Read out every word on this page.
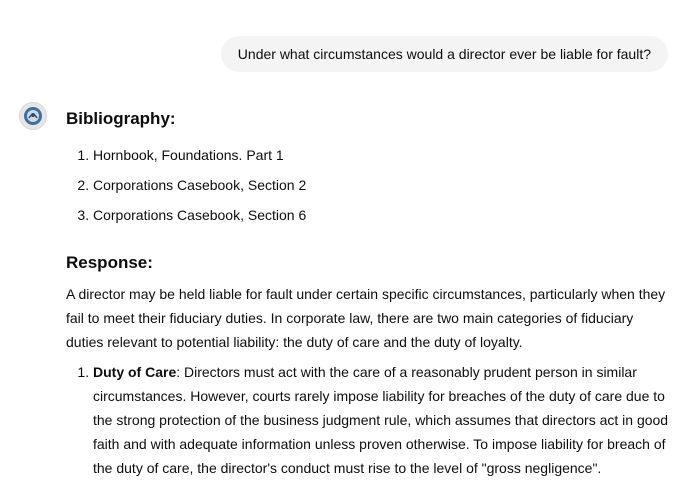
Under what circumstances would a director ever be liable for fault?
Bibliography:
1. Hornbook, Foundations. Part 1
2. Corporations Casebook, Section 2
3. Corporations Casebook, Section 6
Response:

A director may be held liable for fault under certain specific circumstances, particularly when they fail to meet their fiduciary duties. In corporate law, there are two main categories of fiduciary duties relevant to potential liability: the duty of care and the duty of loyalty.

1. Duty of Care: Directors must act with the care of a reasonably prudent person in similar circumstances. However, courts rarely impose liability for breaches of the duty of care due to the strong protection of the business judgment rule, which assumes that directors act in good faith and with adequate information unless proven otherwise. To impose liability for breach of the duty of care, the director's conduct must rise to the level of "gross negligence".
